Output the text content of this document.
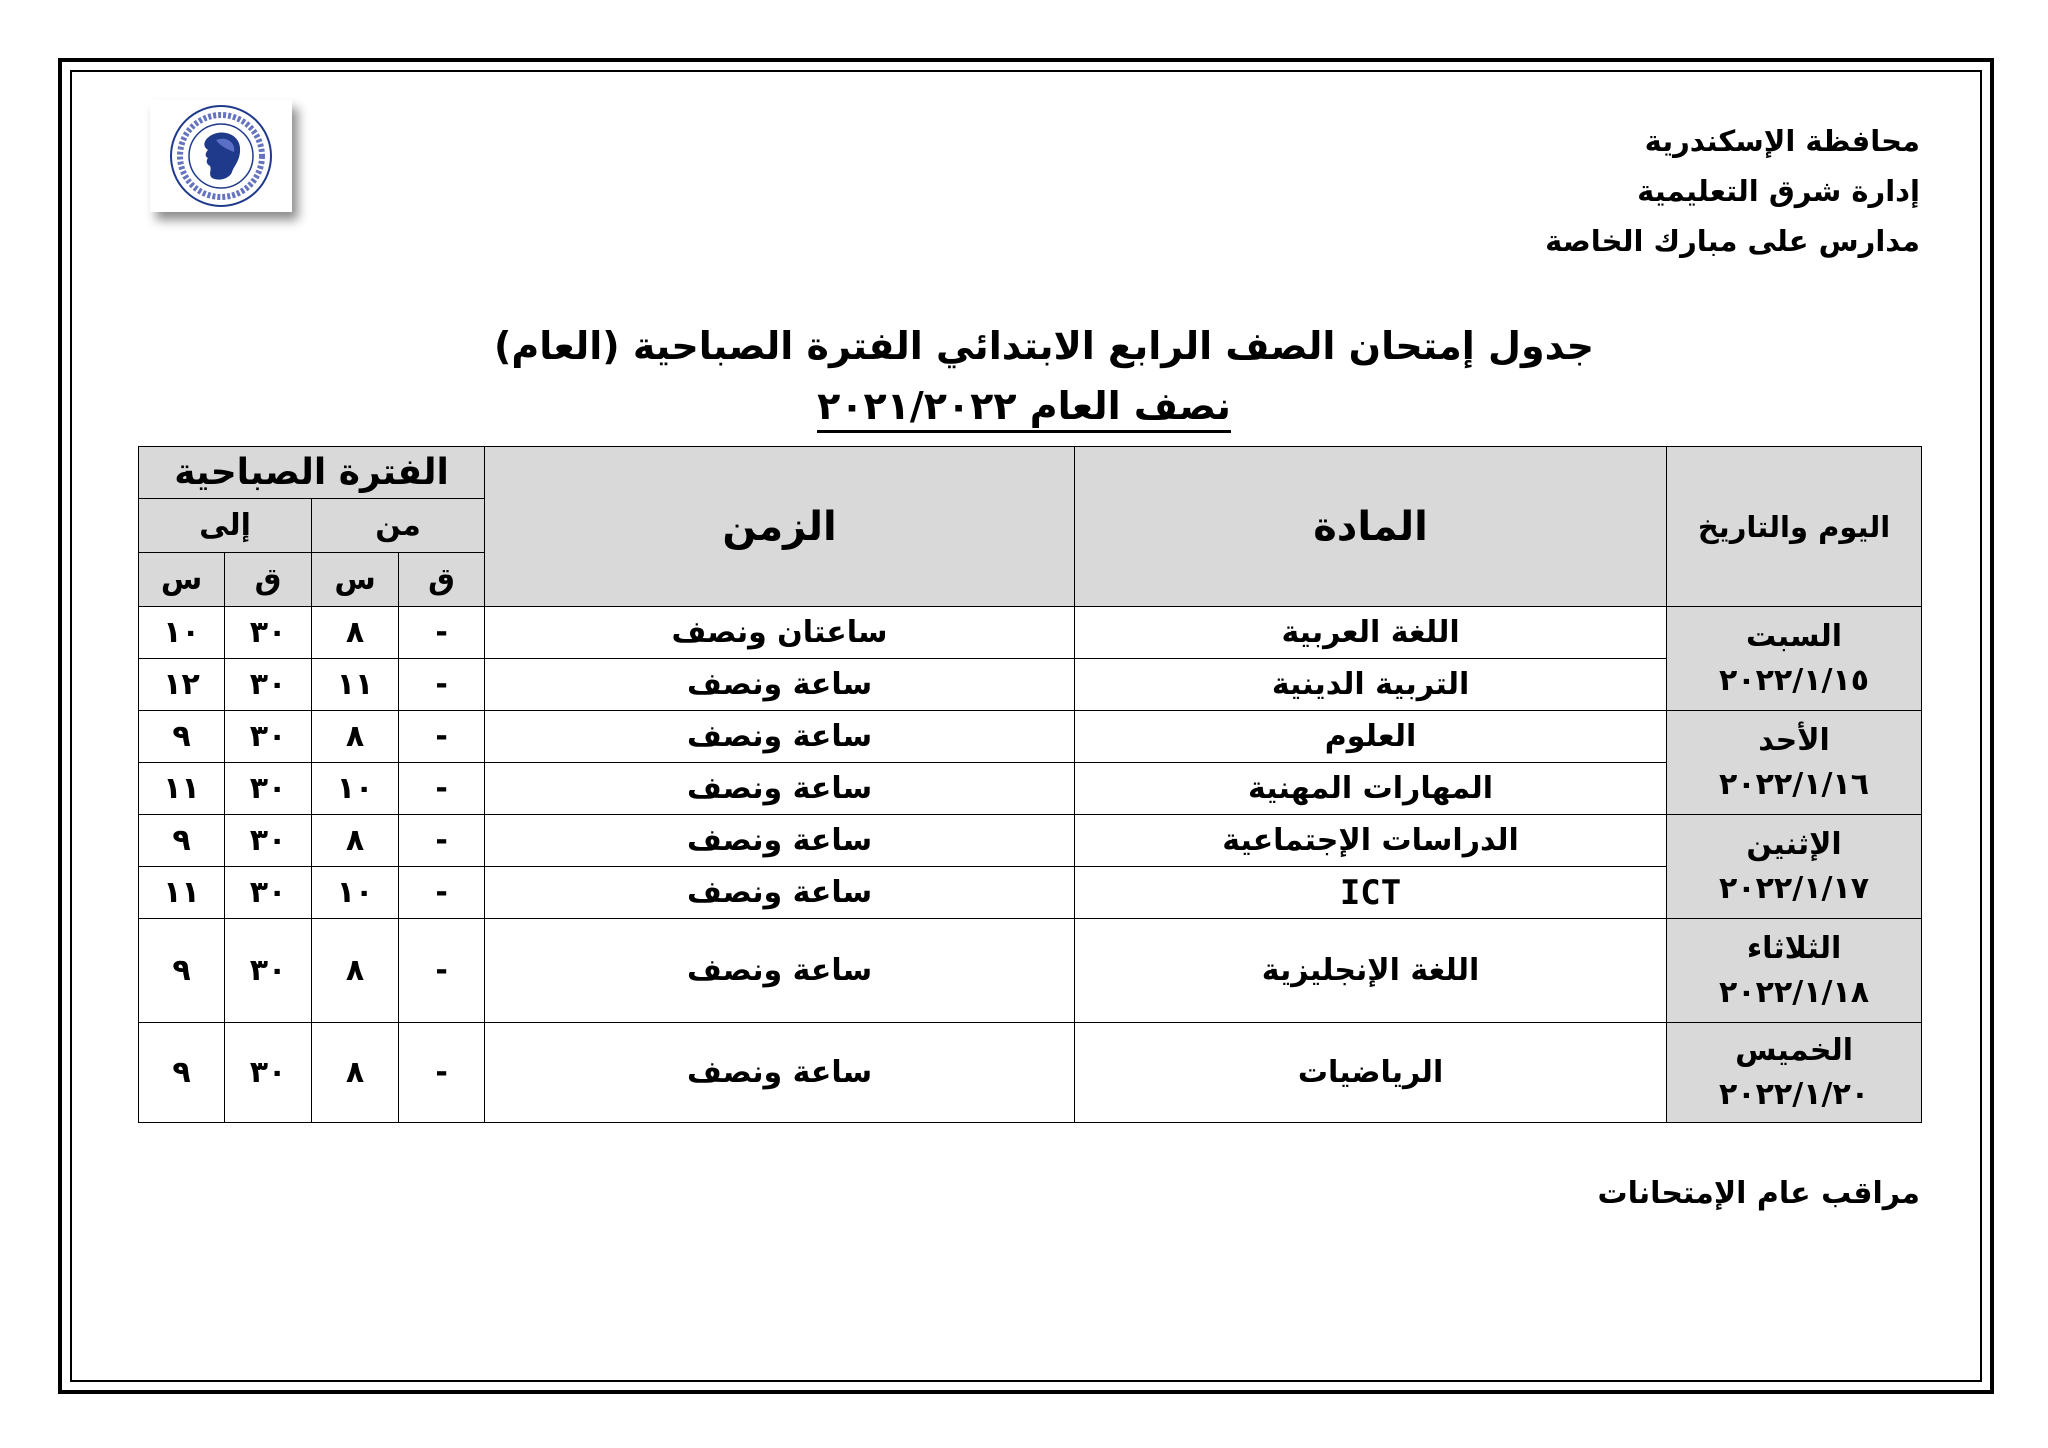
محافظة الإسكندرية
إدارة شرق التعليمية
مدارس على مبارك الخاصة
جدول إمتحان الصف الرابع الابتدائي الفترة الصباحية (العام)
نصف العام ٢٠٢١/٢٠٢٢
اليوم والتاريخ	المادة	الزمن	الفترة الصباحية			
			من		إلى	
			ق	س	ق	س

السبت
٢٠٢٢/١/١٥	اللغة العربية	ساعتان ونصف	-	٨	٣٠	١٠
	التربية الدينية	ساعة ونصف	-	١١	٣٠	١٢

الأحد
٢٠٢٢/١/١٦	العلوم	ساعة ونصف	-	٨	٣٠	٩
	المهارات المهنية	ساعة ونصف	-	١٠	٣٠	١١

الإثنين
٢٠٢٢/١/١٧	الدراسات الإجتماعية	ساعة ونصف	-	٨	٣٠	٩
	ICT	ساعة ونصف	-	١٠	٣٠	١١

الثلاثاء
٢٠٢٢/١/١٨	اللغة الإنجليزية	ساعة ونصف	-	٨	٣٠	٩

الخميس
٢٠٢٢/١/٢٠	الرياضيات	ساعة ونصف	-	٨	٣٠	٩
مراقب عام الإمتحانات
